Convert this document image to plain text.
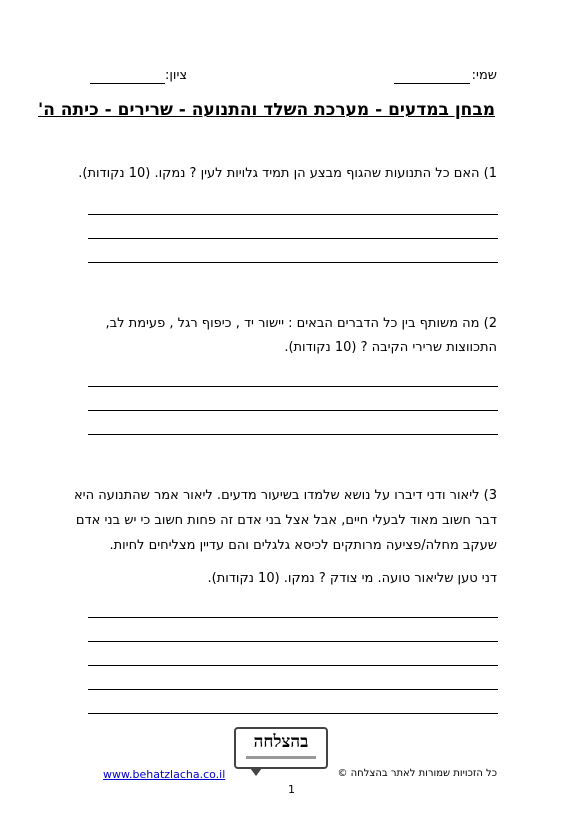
שמי:
ציון:
מבחן במדעים - מערכת השלד והתנועה - שרירים - כיתה ה'
1) האם כל התנועות שהגוף מבצע הן תמיד גלויות לעין ? נמקו. (10 נקודות).
2) מה משותף בין כל הדברים הבאים : יישור יד , כיפוף רגל , פעימת לב,
התכווצות שרירי הקיבה ? (10 נקודות).
3) ליאור ודני דיברו על נושא שלמדו בשיעור מדעים. ליאור אמר שהתנועה היא
דבר חשוב מאוד לבעלי חיים, אבל אצל בני אדם זה פחות חשוב כי יש בני אדם
שעקב מחלה/פציעה מרותקים לכיסא גלגלים והם עדיין מצליחים לחיות.
דני טען שליאור טועה. מי צודק ? נמקו. (10 נקודות).
בהצלחה
www.behatzlacha.co.il	כל הזכויות שמורות לאתר בהצלחה ©
1
